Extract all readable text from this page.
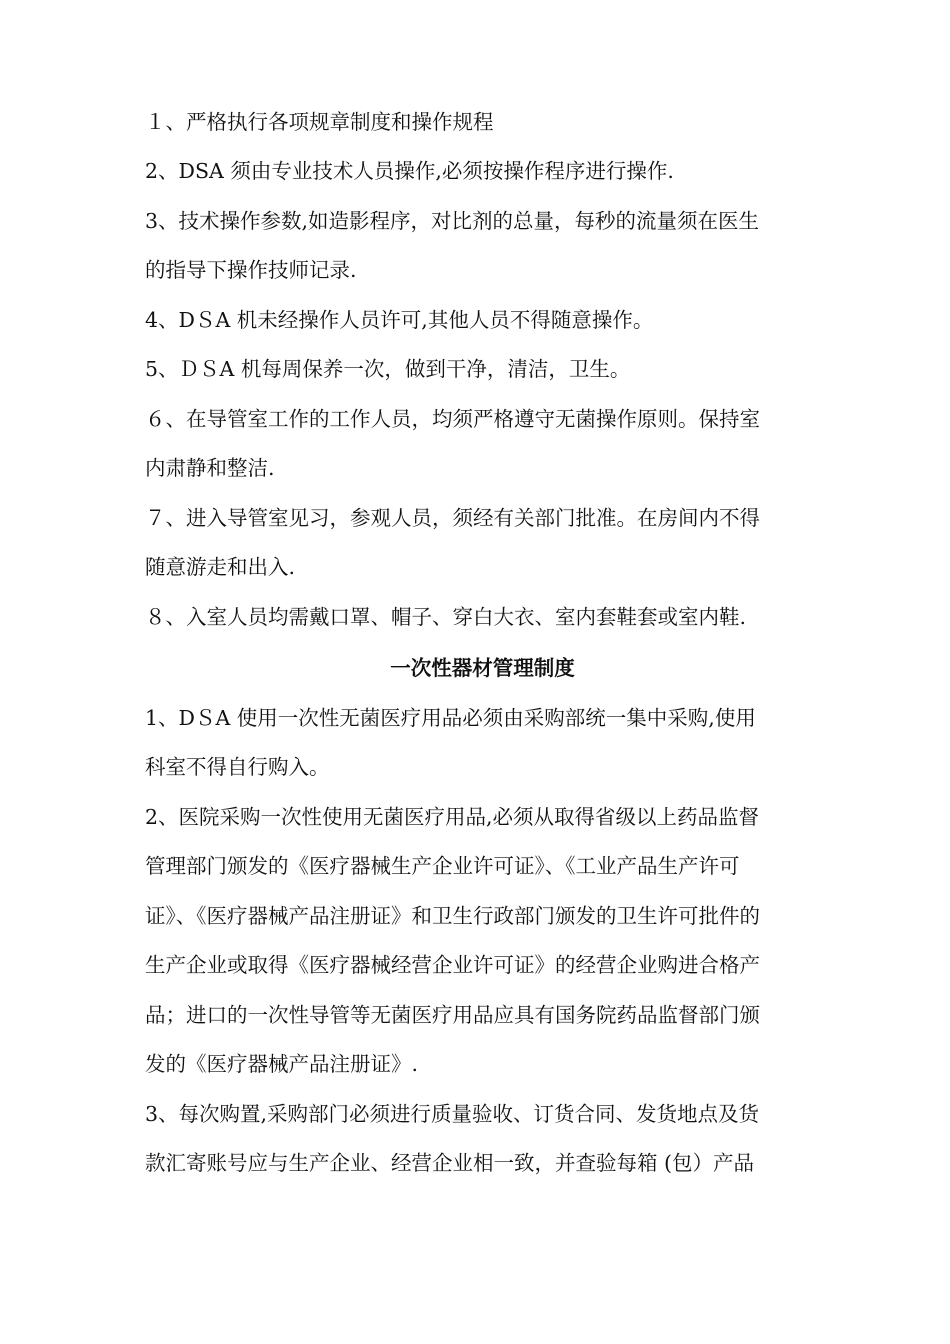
１、严格执行各项规章制度和操作规程
2、DSA 须由专业技术人员操作,必须按操作程序进行操作.
3、技术操作参数,如造影程序，对比剂的总量，每秒的流量须在医生
的指导下操作技师记录.
4、DＳA 机未经操作人员许可,其他人员不得随意操作。
5、ＤＳA 机每周保养一次，做到干净，清洁，卫生。
６、在导管室工作的工作人员，均须严格遵守无菌操作原则。保持室
内肃静和整洁.
７、进入导管室见习，参观人员，须经有关部门批准。在房间内不得
随意游走和出入.
８、入室人员均需戴口罩、帽子、穿白大衣、室内套鞋套或室内鞋.
一次性器材管理制度
1、DＳA 使用一次性无菌医疗用品必须由采购部统一集中采购,使用
科室不得自行购入。
2、医院采购一次性使用无菌医疗用品,必须从取得省级以上药品监督
管理部门颁发的《医疗器械生产企业许可证》、《工业产品生产许可
证》、《医疗器械产品注册证》和卫生行政部门颁发的卫生许可批件的
生产企业或取得《医疗器械经营企业许可证》的经营企业购进合格产
品；进口的一次性导管等无菌医疗用品应具有国务院药品监督部门颁
发的《医疗器械产品注册证》.
3、每次购置,采购部门必须进行质量验收、订货合同、发货地点及货
款汇寄账号应与生产企业、经营企业相一致，并查验每箱 (包）产品
